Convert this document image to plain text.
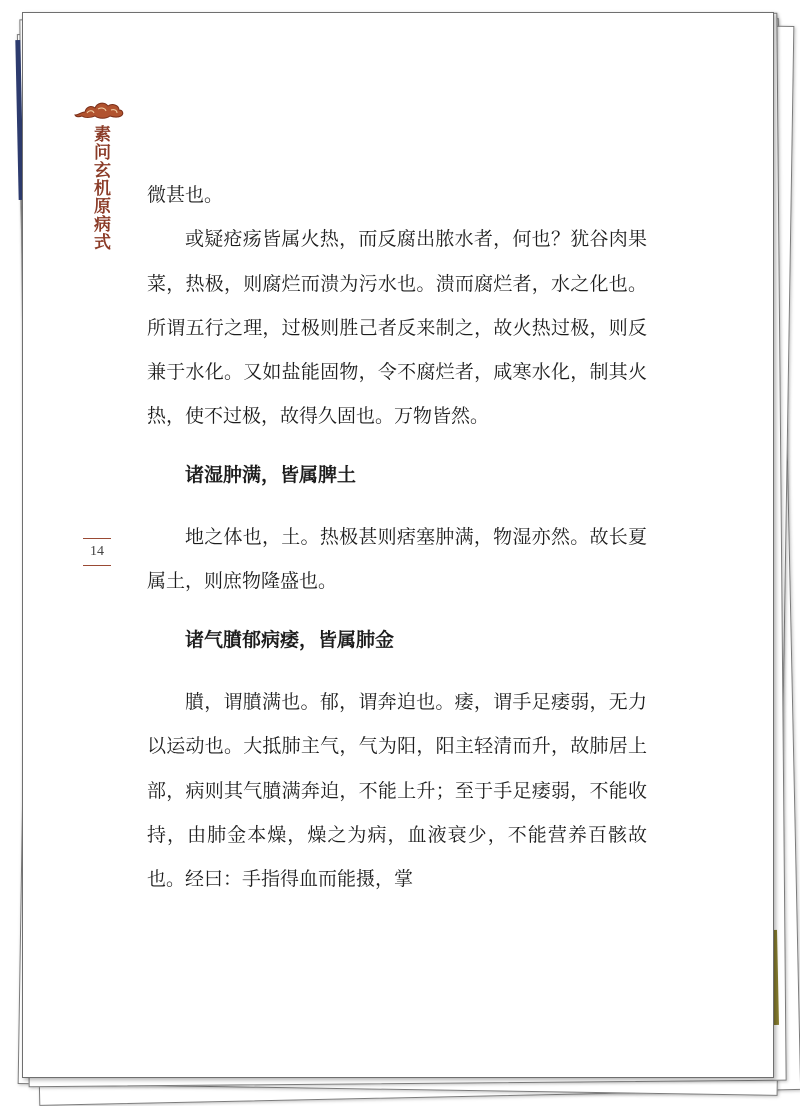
素问玄机原病式
14

微甚也。

或疑疮疡皆属火热，而反腐出脓水者，何也？犹谷肉果菜，热极，则腐烂而溃为污水也。溃而腐烂者，水之化也。所谓五行之理，过极则胜己者反来制之，故火热过极，则反兼于水化。又如盐能固物，令不腐烂者，咸寒水化，制其火热，使不过极，故得久固也。万物皆然。

诸湿肿满，皆属脾土

地之体也，土。热极甚则痞塞肿满，物湿亦然。故长夏属土，则庶物隆盛也。

诸气膹郁病痿，皆属肺金

膹，谓膹满也。郁，谓奔迫也。痿，谓手足痿弱，无力以运动也。大抵肺主气，气为阳，阳主轻清而升，故肺居上部，病则其气膹满奔迫，不能上升；至于手足痿弱，不能收持，由肺金本燥，燥之为病，血液衰少，不能营养百骸故也。经曰：手指得血而能摄，掌
